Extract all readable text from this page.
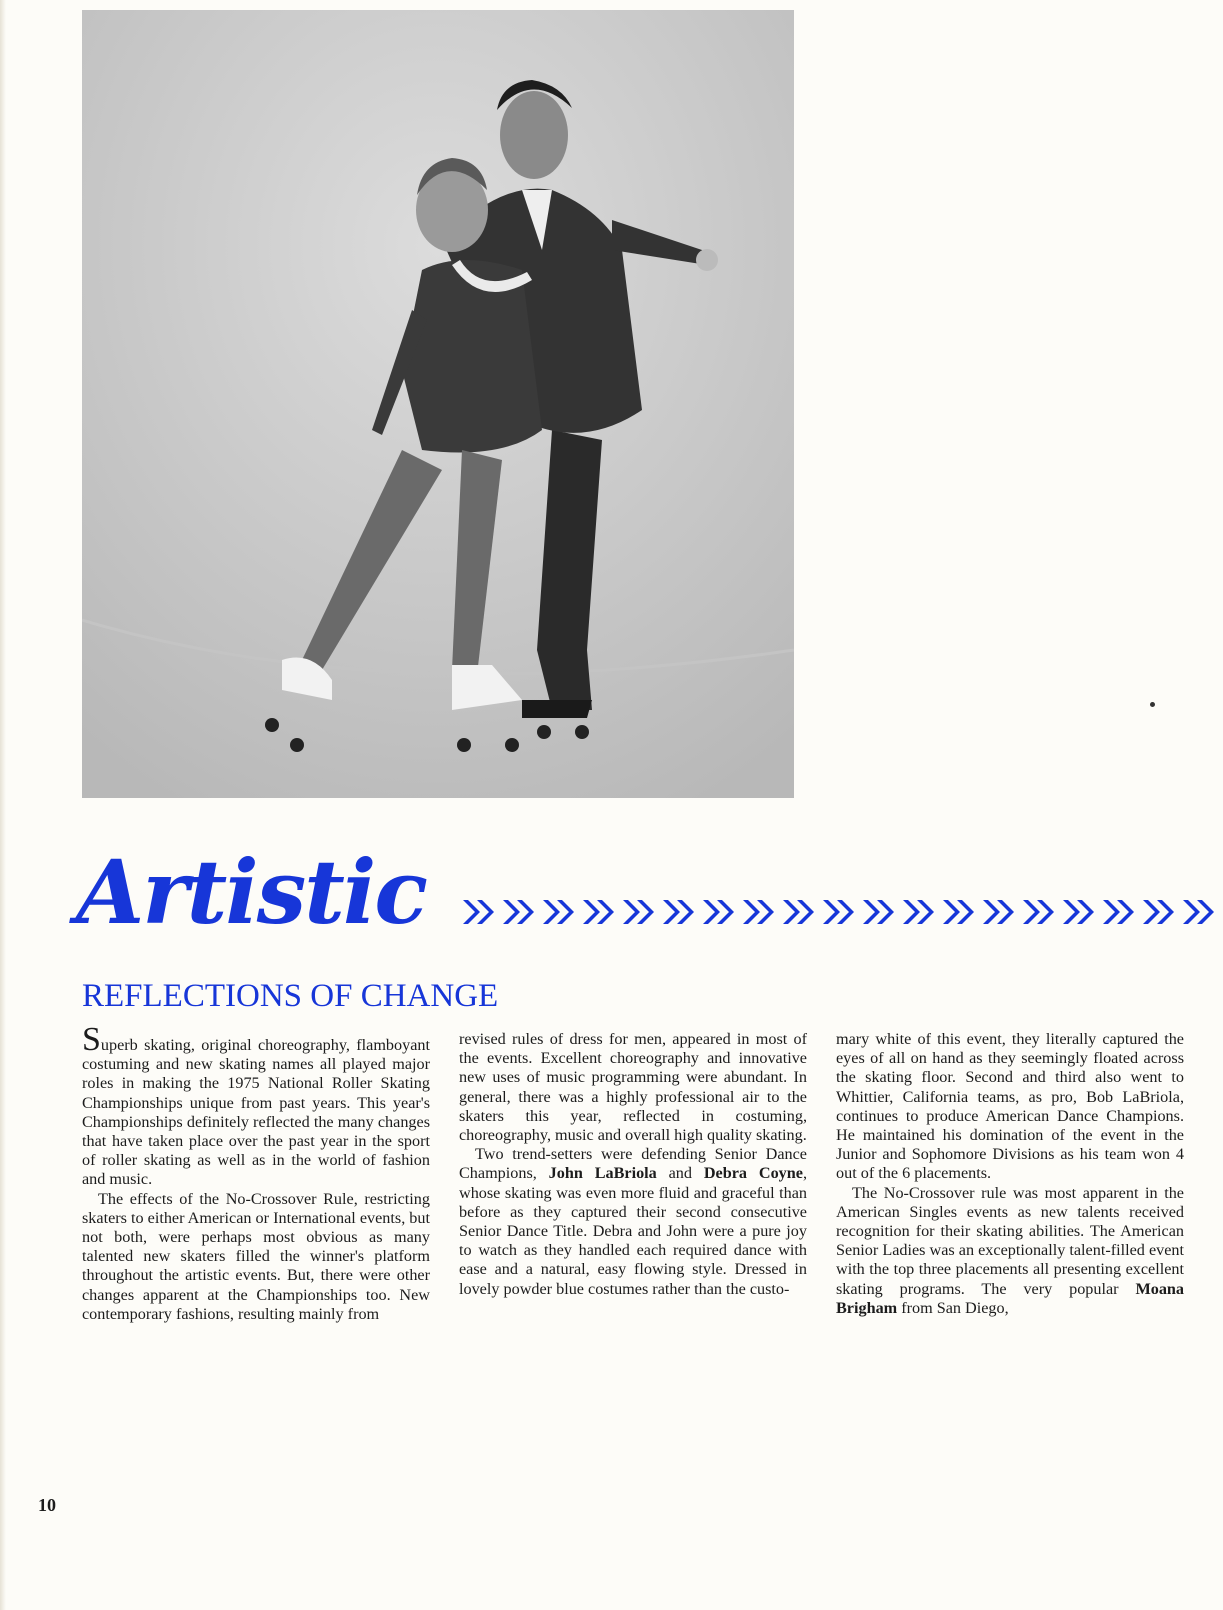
Artistic
REFLECTIONS OF CHANGE

Superb skating, original choreography, flamboyant costuming and new skating names all played major roles in making the 1975 National Roller Skating Championships unique from past years. This year's Championships definitely reflected the many changes that have taken place over the past year in the sport of roller skating as well as in the world of fashion and music.

The effects of the No-Crossover Rule, restricting skaters to either American or International events, but not both, were perhaps most obvious as many talented new skaters filled the winner's platform throughout the artistic events. But, there were other changes apparent at the Championships too. New contemporary fashions, resulting mainly from

revised rules of dress for men, appeared in most of the events. Excellent choreography and innovative new uses of music programming were abundant. In general, there was a highly professional air to the skaters this year, reflected in costuming, choreography, music and overall high quality skating.

Two trend-setters were defending Senior Dance Champions, John LaBriola and Debra Coyne, whose skating was even more fluid and graceful than before as they captured their second consecutive Senior Dance Title. Debra and John were a pure joy to watch as they handled each required dance with ease and a natural, easy flowing style. Dressed in lovely powder blue costumes rather than the custo-

mary white of this event, they literally captured the eyes of all on hand as they seemingly floated across the skating floor. Second and third also went to Whittier, California teams, as pro, Bob LaBriola, continues to produce American Dance Champions. He maintained his domination of the event in the Junior and Sophomore Divisions as his team won 4 out of the 6 placements.

The No-Crossover rule was most apparent in the American Singles events as new talents received recognition for their skating abilities. The American Senior Ladies was an exceptionally talent-filled event with the top three placements all presenting excellent skating programs. The very popular Moana Brigham from San Diego,

10
